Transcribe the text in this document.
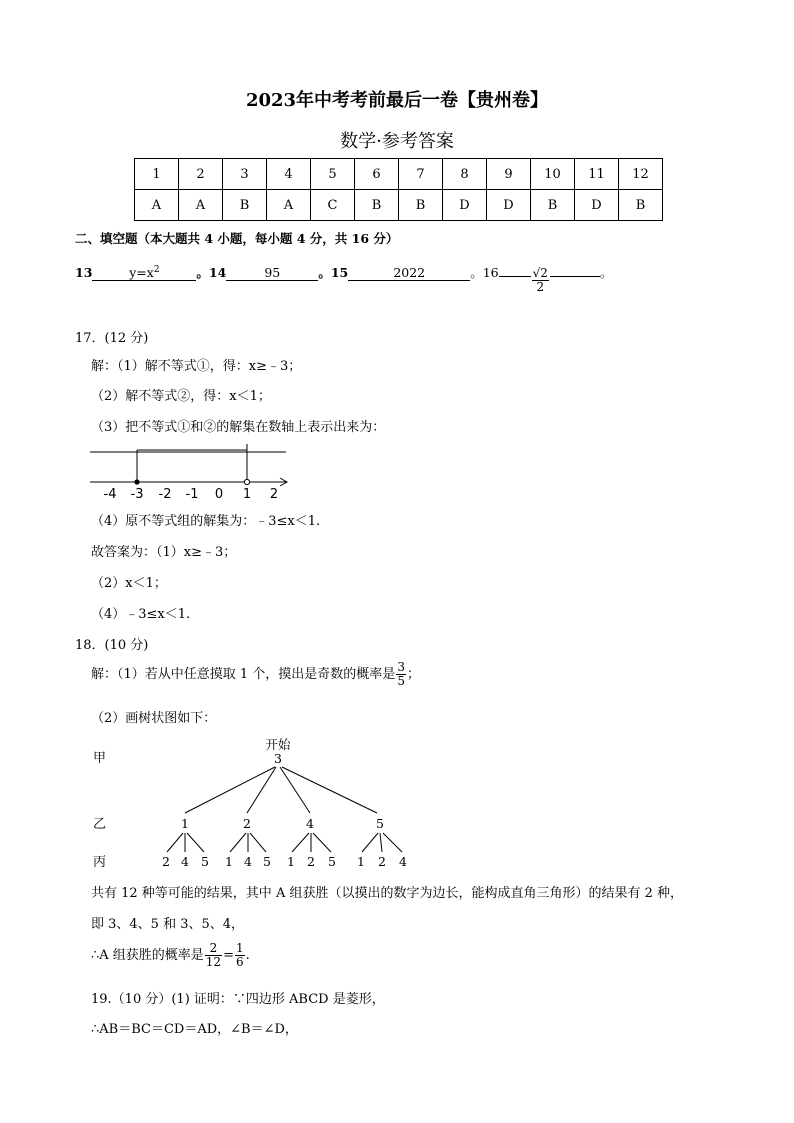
2023年中考考前最后一卷【贵州卷】
数学·参考答案
1	2	3	4	5	6	7	8	9	10	11	12
A	A	B	A	C	B	B	D	D	B	D	B
二、填空题（本大题共 4 小题，每小题 4 分，共 16 分）
13	$y=x^2$	。14	95	。15	2022	。16	$\frac{√2}{2}$	。
17．(12 分)
解：（1）解不等式①，得：x≥﹣3；
（2）解不等式②，得：x＜1；
（3）把不等式①和②的解集在数轴上表示出来为：
-4 -3 -2 -1 0 1 2
（4）原不等式组的解集为：﹣3≤x＜1.
故答案为：（1）x≥﹣3；
（2）x＜1；
（4）﹣3≤x＜1.
18．(10 分)
解：（1）若从中任意摸取 1 个，摸出是奇数的概率是 $\frac{3}{5}$ ；
（2）画树状图如下：
甲
乙
丙
开始
3
1	2	4	5
2 4 5 1 4 5 1 2 5 1 2 4
共有 12 种等可能的结果，其中 A 组获胜（以摸出的数字为边长，能构成直角三角形）的结果有 2 种，
即 3、4、5 和 3、5、4，
∴A 组获胜的概率是 $\frac{2}{12} = \frac{1}{6}$ .
19.（10 分）(1) 证明：∵四边形 ABCD 是菱形，
∴AB＝BC＝CD＝AD，∠B＝∠D，
